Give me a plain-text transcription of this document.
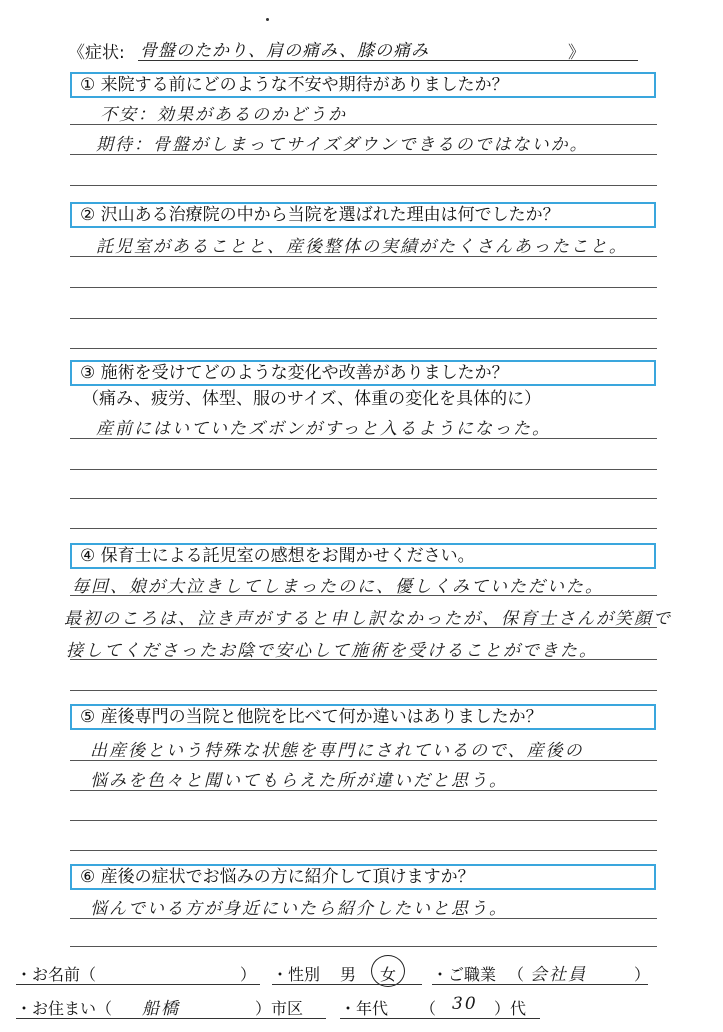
《症状: 骨盤のたかり、肩の痛み、膝の痛み	》
① 来院する前にどのような不安や期待がありましたか？
不安：効果があるのかどうか
期待：骨盤がしまってサイズダウンできるのではないか。
② 沢山ある治療院の中から当院を選ばれた理由は何でしたか？
託児室があることと、産後整体の実績がたくさんあったこと。
③ 施術を受けてどのような変化や改善がありましたか？
（痛み、疲労、体型、服のサイズ、体重の変化を具体的に）
産前にはいていたズボンがすっと入るようになった。
④ 保育士による託児室の感想をお聞かせください。
毎回、娘が大泣きしてしまったのに、優しくみていただいた。
最初のころは、泣き声がすると申し訳なかったが、保育士さんが笑顔で
接してくださったお陰で安心して施術を受けることができた。
⑤ 産後専門の当院と他院を比べて何か違いはありましたか？
出産後という特殊な状態を専門にされているので、産後の
悩みを色々と聞いてもらえた所が違いだと思う。
⑥ 産後の症状でお悩みの方に紹介して頂けますか？
悩んでいる方が身近にいたら紹介したいと思う。
・お名前（	） ・性別 男 女 ・ご職業 （ 会社員	）
・お住まい（ 船橋	）市区 ・年代 （ 30 ）代
